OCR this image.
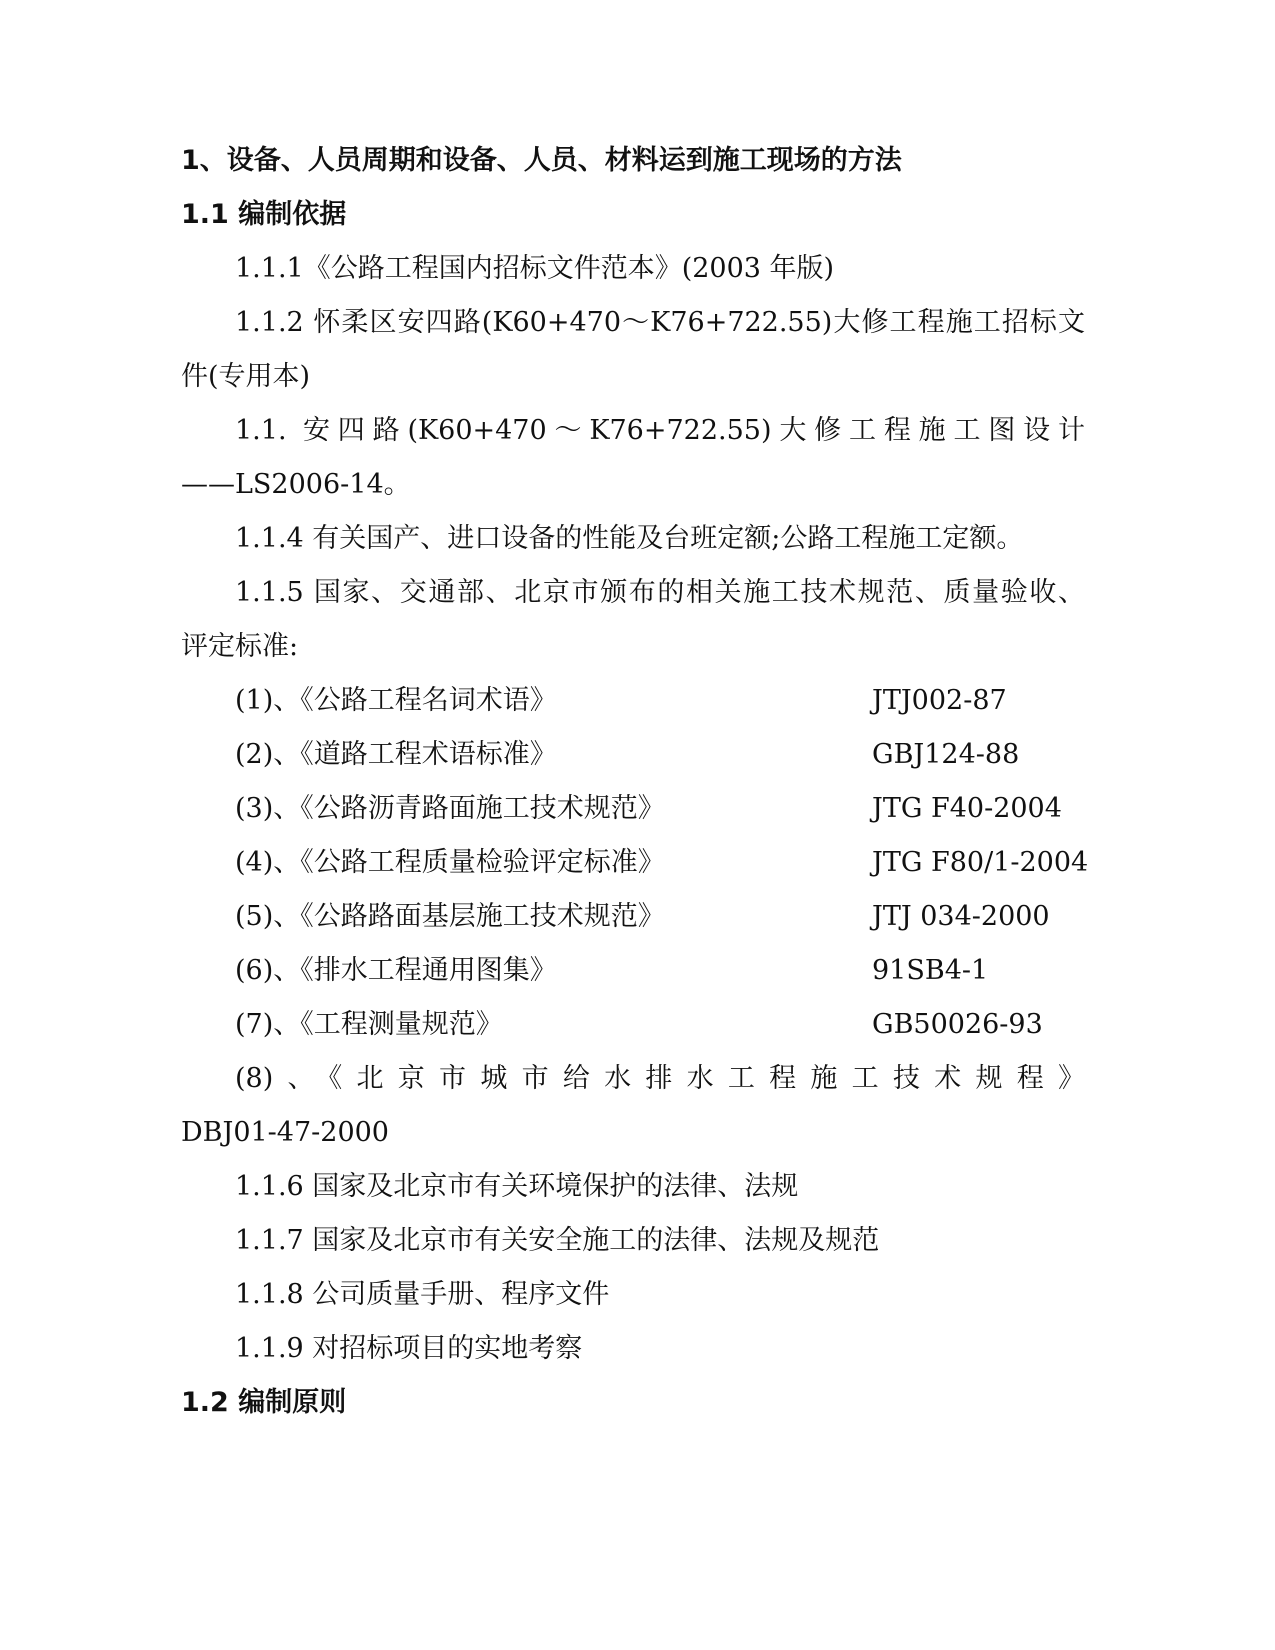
1、设备、人员周期和设备、人员、材料运到施工现场的方法
1.1 编制依据
1.1.1《公路工程国内招标文件范本》(2003 年版)
1.1.2 怀柔区安四路(K60+470～K76+722.55)大修工程施工招标文
件(专用本)
1.1. 安四路(K60+470～K76+722.55)大修工程施工图设计
——LS2006-14。
1.1.4 有关国产、进口设备的性能及台班定额;公路工程施工定额。
1.1.5 国家、交通部、北京市颁布的相关施工技术规范、质量验收、
评定标准:
(1)、《公路工程名词术语》	JTJ002-87
(2)、《道路工程术语标准》	GBJ124-88
(3)、《公路沥青路面施工技术规范》	JTG F40-2004
(4)、《公路工程质量检验评定标准》	JTG F80/1-2004
(5)、《公路路面基层施工技术规范》	JTJ 034-2000
(6)、《排水工程通用图集》	91SB4-1
(7)、《工程测量规范》	GB50026-93
(8)、《北京市城市给水排水工程施工技术规程》
DBJ01-47-2000
1.1.6 国家及北京市有关环境保护的法律、法规
1.1.7 国家及北京市有关安全施工的法律、法规及规范
1.1.8 公司质量手册、程序文件
1.1.9 对招标项目的实地考察
1.2 编制原则
